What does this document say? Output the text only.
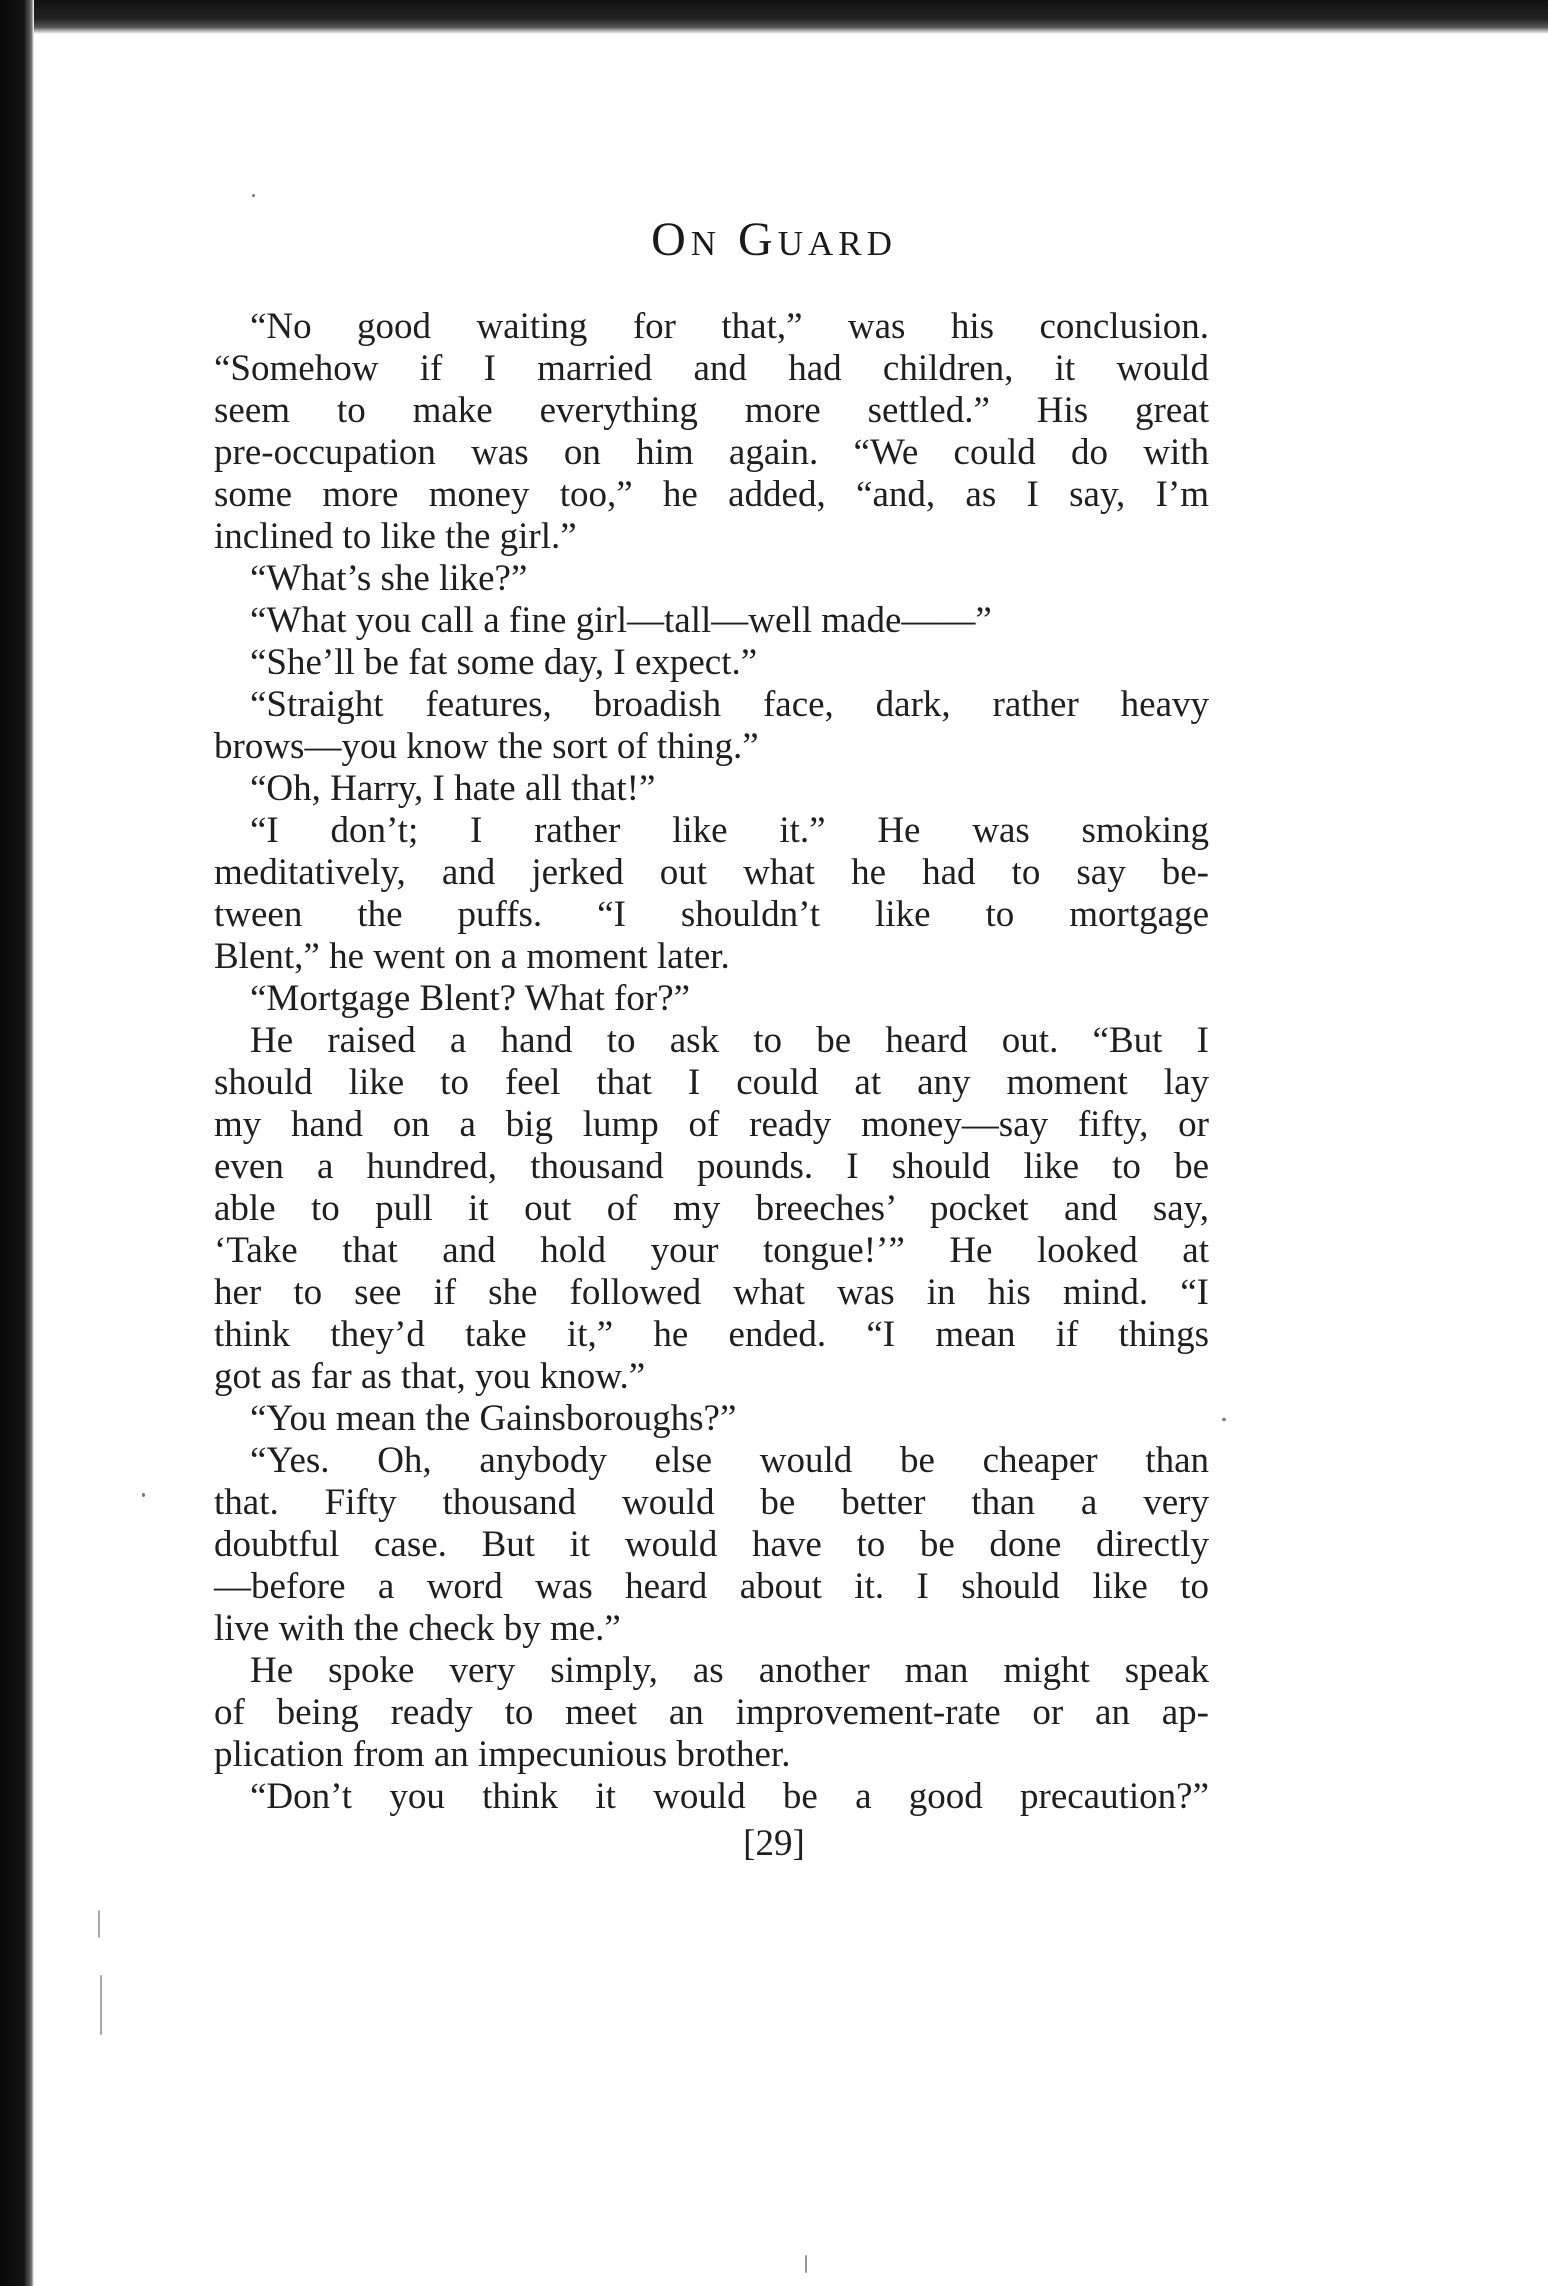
ON GUARD
“No good waiting for that,” was his conclusion.
“Somehow if I married and had children, it would
seem to make everything more settled.” His great
pre-occupation was on him again. “We could do with
some more money too,” he added, “and, as I say, I’m
inclined to like the girl.”
“What’s she like?”
“What you call a fine girl—tall—well made——”
“She’ll be fat some day, I expect.”
“Straight features, broadish face, dark, rather heavy
brows—you know the sort of thing.”
“Oh, Harry, I hate all that!”
“I don’t; I rather like it.” He was smoking
meditatively, and jerked out what he had to say be-
tween the puffs. “I shouldn’t like to mortgage
Blent,” he went on a moment later.
“Mortgage Blent? What for?”
He raised a hand to ask to be heard out. “But I
should like to feel that I could at any moment lay
my hand on a big lump of ready money—say fifty, or
even a hundred, thousand pounds. I should like to be
able to pull it out of my breeches’ pocket and say,
‘Take that and hold your tongue!’” He looked at
her to see if she followed what was in his mind. “I
think they’d take it,” he ended. “I mean if things
got as far as that, you know.”
“You mean the Gainsboroughs?”
“Yes. Oh, anybody else would be cheaper than
that. Fifty thousand would be better than a very
doubtful case. But it would have to be done directly
—before a word was heard about it. I should like to
live with the check by me.”
He spoke very simply, as another man might speak
of being ready to meet an improvement-rate or an ap-
plication from an impecunious brother.
“Don’t you think it would be a good precaution?”
[29]
